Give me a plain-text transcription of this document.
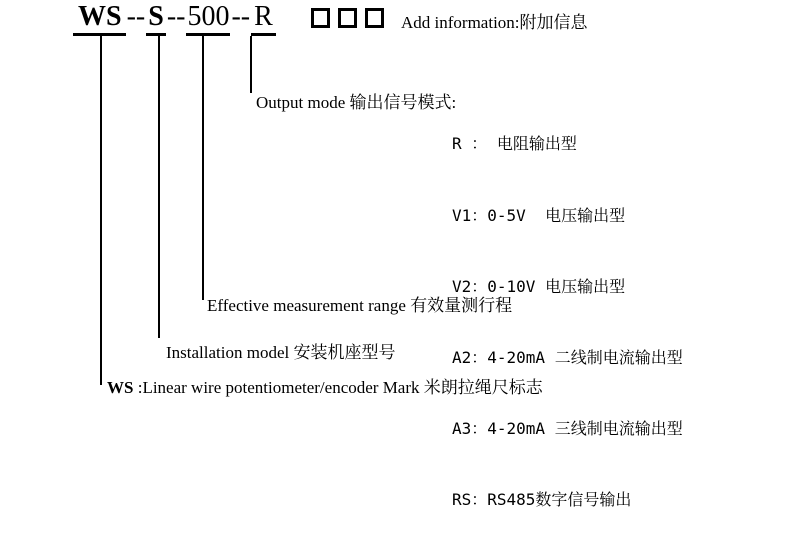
WS -- S --500-- R	Add information:附加信息
Output mode 输出信号模式:

R ： 电阻输出型

V1：0-5V  电压输出型

V2：0-10V 电压输出型

A2：4-20mA 二线制电流输出型

A3：4-20mA 三线制电流输出型

RS：RS485数字信号输出

Effective measurement range 有效量测行程
Installation model 安装机座型号
WS :Linear wire potentiometer/encoder Mark 米朗拉绳尺标志
